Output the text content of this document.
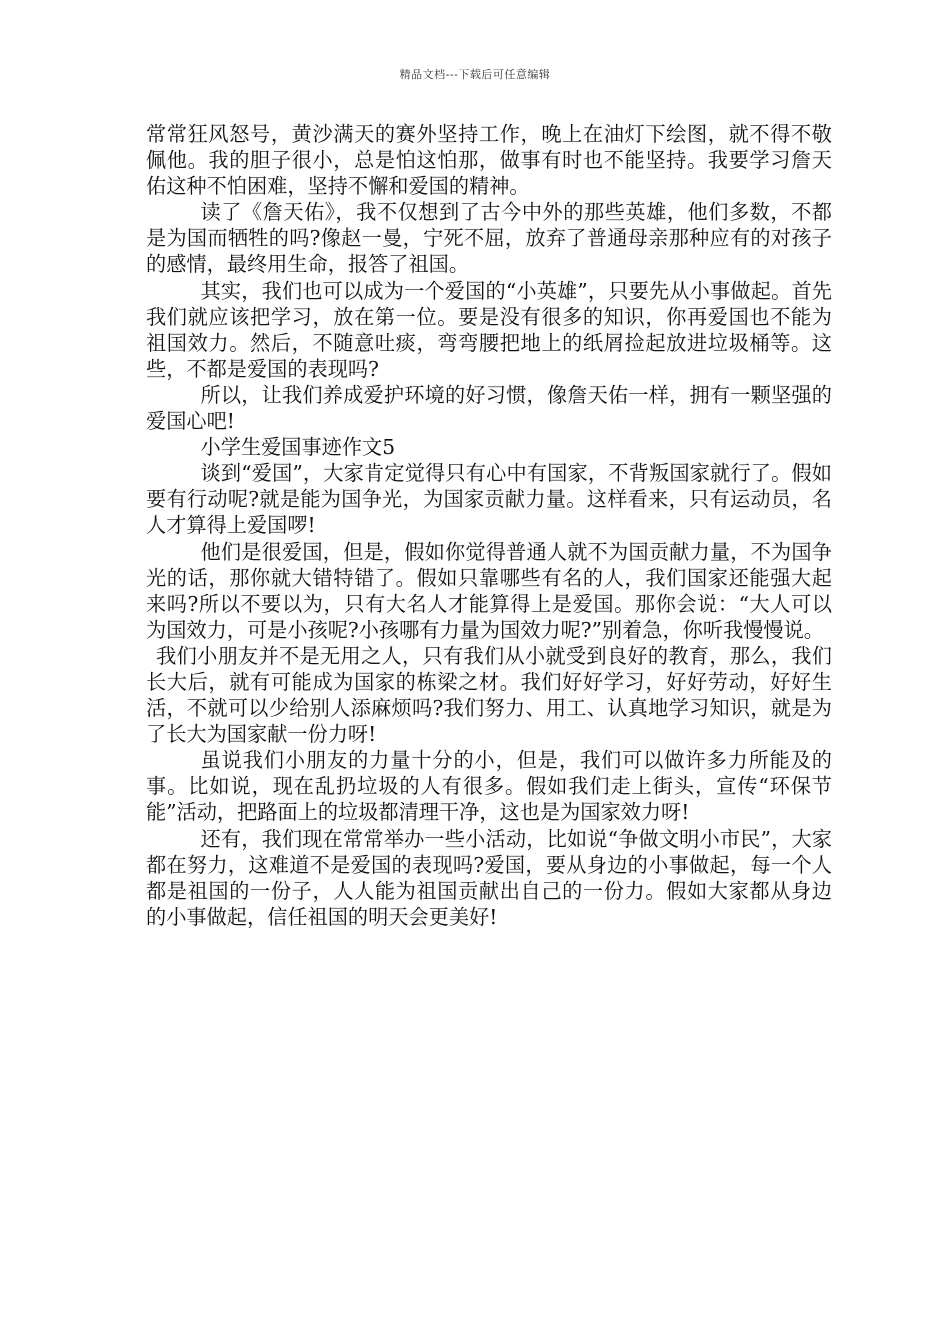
精品文档---下载后可任意编辑

常常狂风怒号，黄沙满天的赛外坚持工作，晚上在油灯下绘图，就不得不敬佩他。我的胆子很小，总是怕这怕那，做事有时也不能坚持。我要学习詹天佑这种不怕困难，坚持不懈和爱国的精神。

读了《詹天佑》，我不仅想到了古今中外的那些英雄，他们多数，不都是为国而牺牲的吗?像赵一曼，宁死不屈，放弃了普通母亲那种应有的对孩子的感情，最终用生命，报答了祖国。

其实，我们也可以成为一个爱国的“小英雄”，只要先从小事做起。首先我们就应该把学习，放在第一位。要是没有很多的知识，你再爱国也不能为祖国效力。然后，不随意吐痰，弯弯腰把地上的纸屑捡起放进垃圾桶等。这些，不都是爱国的表现吗?

所以，让我们养成爱护环境的好习惯，像詹天佑一样，拥有一颗坚强的爱国心吧!

小学生爱国事迹作文5

谈到“爱国”，大家肯定觉得只有心中有国家，不背叛国家就行了。假如要有行动呢?就是能为国争光，为国家贡献力量。这样看来，只有运动员，名人才算得上爱国啰!

他们是很爱国，但是，假如你觉得普通人就不为国贡献力量，不为国争光的话，那你就大错特错了。假如只靠哪些有名的人，我们国家还能强大起来吗?所以不要以为，只有大名人才能算得上是爱国。那你会说：“大人可以为国效力，可是小孩呢?小孩哪有力量为国效力呢?”别着急，你听我慢慢说。

我们小朋友并不是无用之人，只有我们从小就受到良好的教育，那么，我们长大后，就有可能成为国家的栋梁之材。我们好好学习，好好劳动，好好生活，不就可以少给别人添麻烦吗?我们努力、用工、认真地学习知识，就是为了长大为国家献一份力呀!

虽说我们小朋友的力量十分的小，但是，我们可以做许多力所能及的事。比如说，现在乱扔垃圾的人有很多。假如我们走上街头，宣传“环保节能”活动，把路面上的垃圾都清理干净，这也是为国家效力呀!

还有，我们现在常常举办一些小活动，比如说“争做文明小市民”，大家都在努力，这难道不是爱国的表现吗?爱国，要从身边的小事做起，每一个人都是祖国的一份子，人人能为祖国贡献出自己的一份力。假如大家都从身边的小事做起，信任祖国的明天会更美好!
